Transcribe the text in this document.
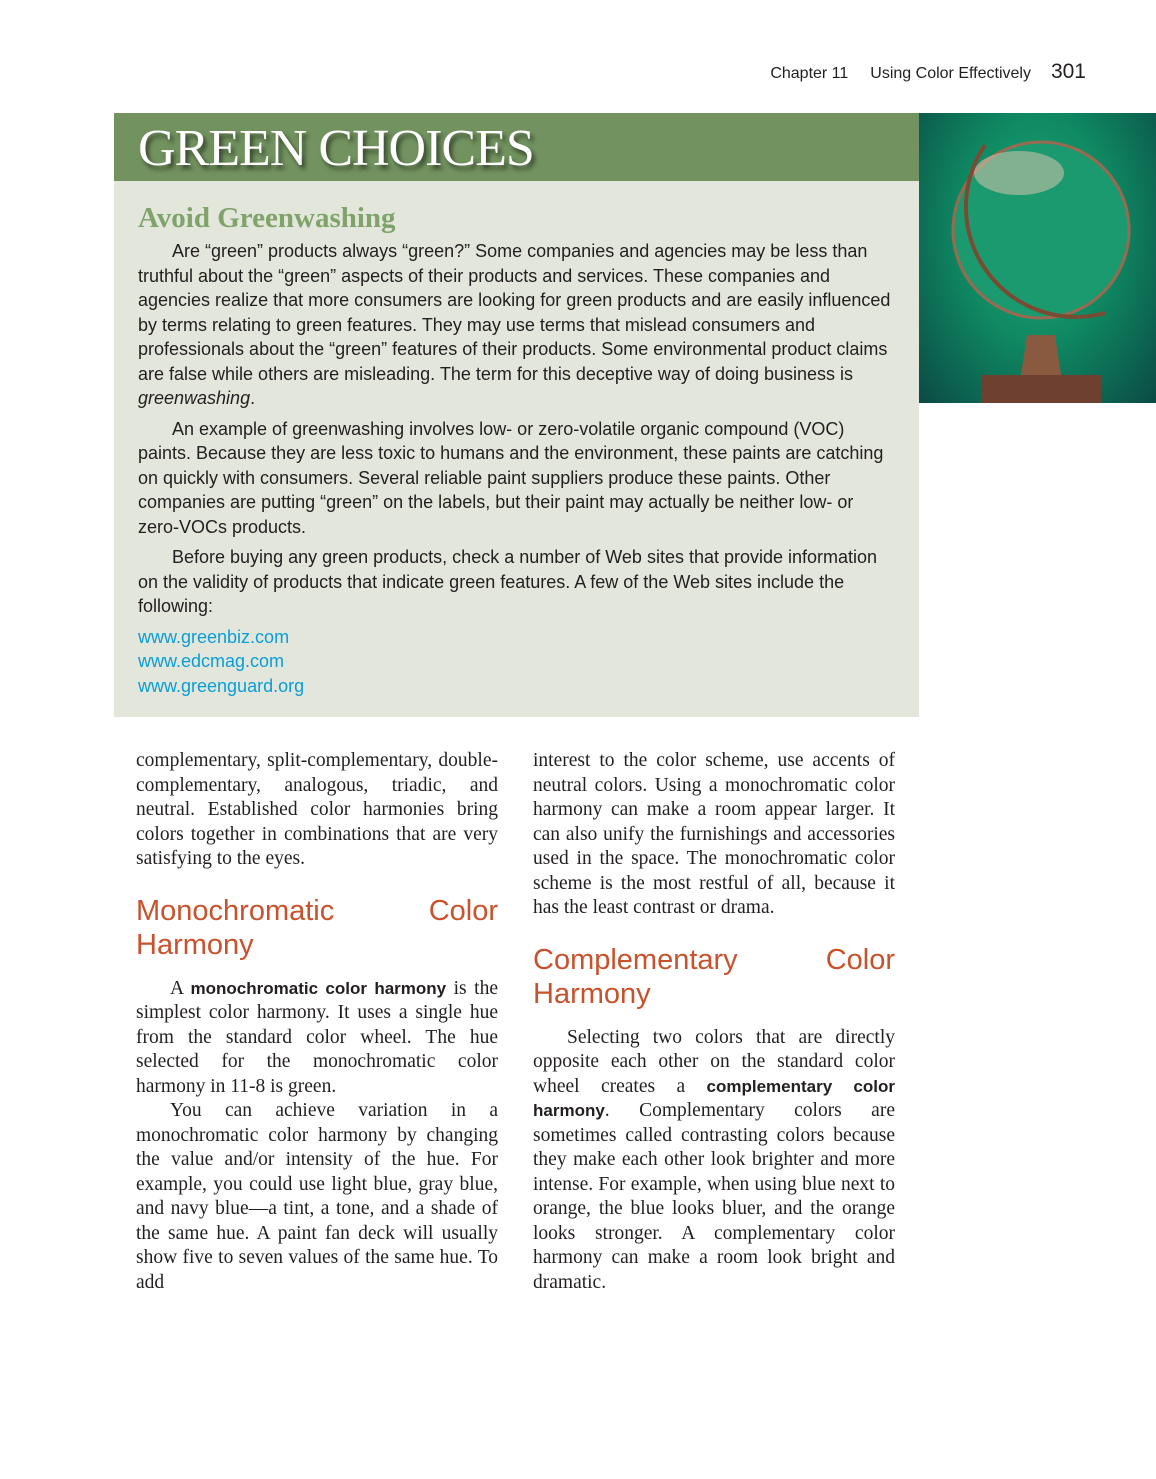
Chapter 11 Using Color Effectively 301
GREEN CHOICES
Avoid Greenwashing

Are “green” products always “green?” Some companies and agencies may be less than truthful about the “green” aspects of their products and services. These companies and agencies realize that more consumers are looking for green products and are easily influenced by terms relating to green features. They may use terms that mislead consumers and professionals about the “green” features of their products. Some environmental product claims are false while others are misleading. The term for this deceptive way of doing business is greenwashing.

An example of greenwashing involves low- or zero-volatile organic compound (VOC) paints. Because they are less toxic to humans and the environment, these paints are catching on quickly with consumers. Several reliable paint suppliers produce these paints. Other companies are putting “green” on the labels, but their paint may actually be neither low- or zero-VOCs products.

Before buying any green products, check a number of Web sites that provide information on the validity of products that indicate green features. A few of the Web sites include the following:

www.greenbiz.com
www.edcmag.com
www.greenguard.org

complementary, split-complementary, double-complementary, analogous, triadic, and neutral. Established color harmonies bring colors together in combinations that are very satisfying to the eyes.

Monochromatic Color Harmony

A monochromatic color harmony is the simplest color harmony. It uses a single hue from the standard color wheel. The hue selected for the monochromatic color harmony in 11-8 is green.

You can achieve variation in a monochromatic color harmony by changing the value and/or intensity of the hue. For example, you could use light blue, gray blue, and navy blue—a tint, a tone, and a shade of the same hue. A paint fan deck will usually show five to seven values of the same hue. To add

interest to the color scheme, use accents of neutral colors. Using a monochromatic color harmony can make a room appear larger. It can also unify the furnishings and accessories used in the space. The monochromatic color scheme is the most restful of all, because it has the least contrast or drama.

Complementary Color Harmony

Selecting two colors that are directly opposite each other on the standard color wheel creates a complementary color harmony. Complementary colors are sometimes called contrasting colors because they make each other look brighter and more intense. For example, when using blue next to orange, the blue looks bluer, and the orange looks stronger. A complementary color harmony can make a room look bright and dramatic.
